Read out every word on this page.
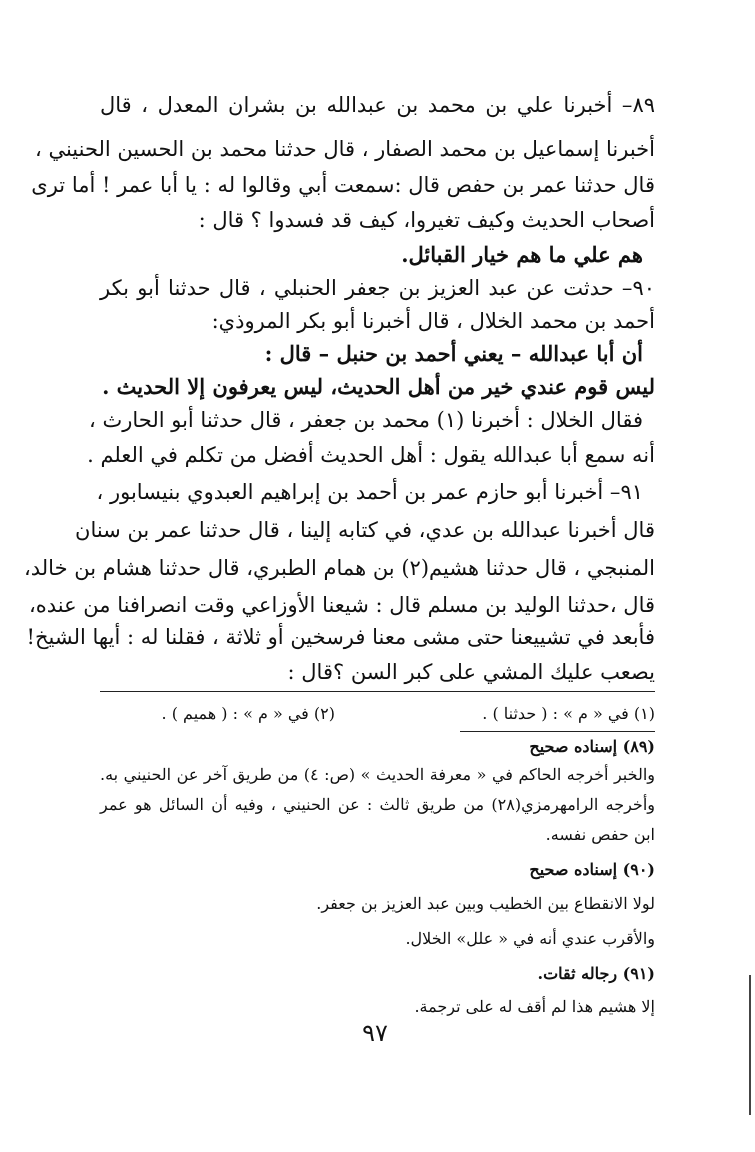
٨٩– أخبرنا علي بن محمد بن عبدالله بن بشران المعدل ، قال
أخبرنا إسماعيل بن محمد الصفار ، قال حدثنا محمد بن الحسين الحنيني ،
قال حدثنا عمر بن حفص قال :سمعت أبي وقالوا له : يا أبا عمر ! أما ترى
أصحاب الحديث وكيف تغيروا، كيف قد فسدوا ؟ قال :
هم علي ما هم خيار القبائل.
٩٠– حدثت عن عبد العزيز بن جعفر الحنبلي ، قال حدثنا أبو بكر
أحمد بن محمد الخلال ، قال أخبرنا أبو بكر المروذي:
أن أبا عبدالله – يعني أحمد بن حنبل – قال :
ليس قوم عندي خير من أهل الحديث، ليس يعرفون إلا الحديث .
فقال الخلال : أخبرنا (١) محمد بن جعفر ، قال حدثنا أبو الحارث ،
أنه سمع أبا عبدالله يقول : أهل الحديث أفضل من تكلم في العلم .
٩١– أخبرنا أبو حازم عمر بن أحمد بن إبراهيم العبدوي بنيسابور ،
قال أخبرنا عبدالله بن عدي، في كتابه إلينا ، قال حدثنا عمر بن سنان
المنبجي ، قال حدثنا هشيم(٢) بن همام الطبري، قال حدثنا هشام بن خالد،
قال ،حدثنا الوليد بن مسلم قال : شيعنا الأوزاعي وقت انصرافنا من عنده،
فأبعد في تشييعنا حتى مشى معنا فرسخين أو ثلاثة ، فقلنا له : أيها الشيخ!
يصعب عليك المشي على كبر السن ؟قال :
(١) في « م » : ( حدثنا ) .
(٢) في « م » : ( هميم ) .
(٨٩) إسناده صحيح
والخبر أخرجه الحاكم في « معرفة الحديث » (ص: ٤) من طريق آخر عن الحنيني به.
وأخرجه الرامهرمزي(٢٨) من طريق ثالث : عن الحنيني ، وفيه أن السائل هو عمر
ابن حفص نفسه.
(٩٠) إسناده صحيح
لولا الانقطاع بين الخطيب وبين عبد العزيز بن جعفر.
والأقرب عندي أنه في « علل» الخلال.
(٩١) رجاله ثقات.
إلا هشيم هذا لم أقف له على ترجمة.
٩٧
